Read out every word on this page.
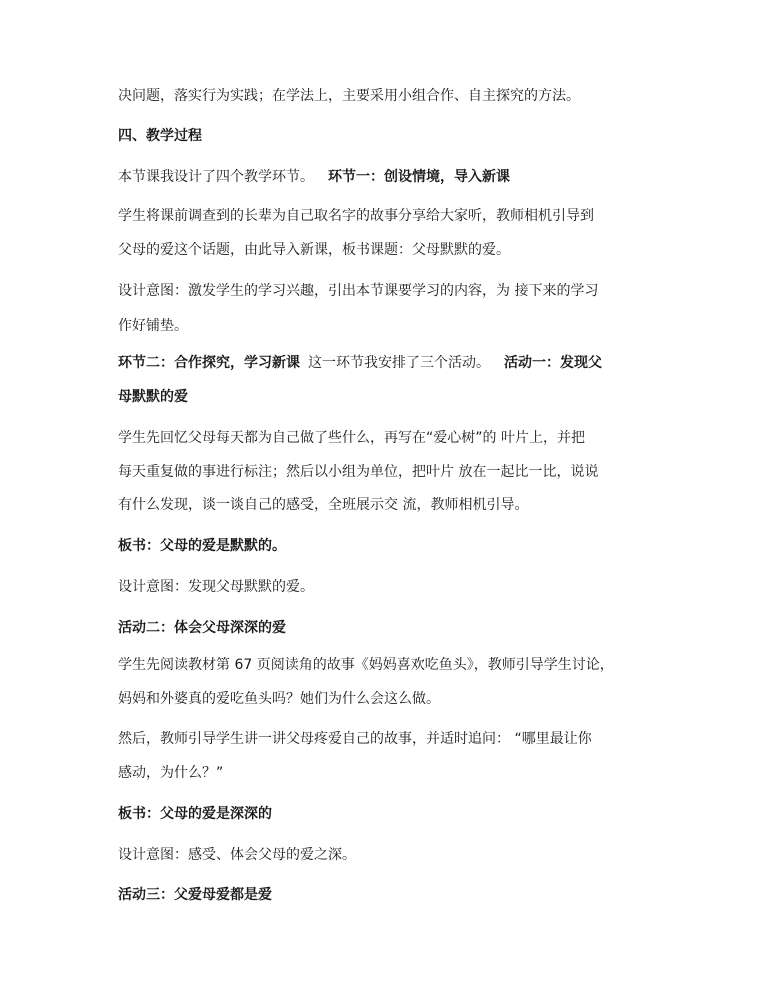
决问题，落实行为实践；在学法上，主要采用小组合作、自主探究的方法。

四、教学过程

本节课我设计了四个教学环节。 环节一：创设情境，导入新课

学生将课前调查到的长辈为自己取名字的故事分享给大家听，教师相机引导到

父母的爱这个话题，由此导入新课，板书课题：父母默默的爱。

设计意图：激发学生的学习兴趣，引出本节课要学习的内容，为 接下来的学习

作好铺垫。

环节二：合作探究，学习新课 这一环节我安排了三个活动。 活动一：发现父

母默默的爱

学生先回忆父母每天都为自己做了些什么，再写在“爱心树”的 叶片上，并把

每天重复做的事进行标注；然后以小组为单位，把叶片 放在一起比一比，说说

有什么发现，谈一谈自己的感受，全班展示交 流，教师相机引导。

板书：父母的爱是默默的。

设计意图：发现父母默默的爱。

活动二：体会父母深深的爱

学生先阅读教材第 67 页阅读角的故事《妈妈喜欢吃鱼头》，教师引导学生讨论，

妈妈和外婆真的爱吃鱼头吗？她们为什么会这么做。

然后，教师引导学生讲一讲父母疼爱自己的故事，并适时追问： “哪里最让你

感动，为什么？”

板书：父母的爱是深深的

设计意图：感受、体会父母的爱之深。

活动三：父爱母爱都是爱
